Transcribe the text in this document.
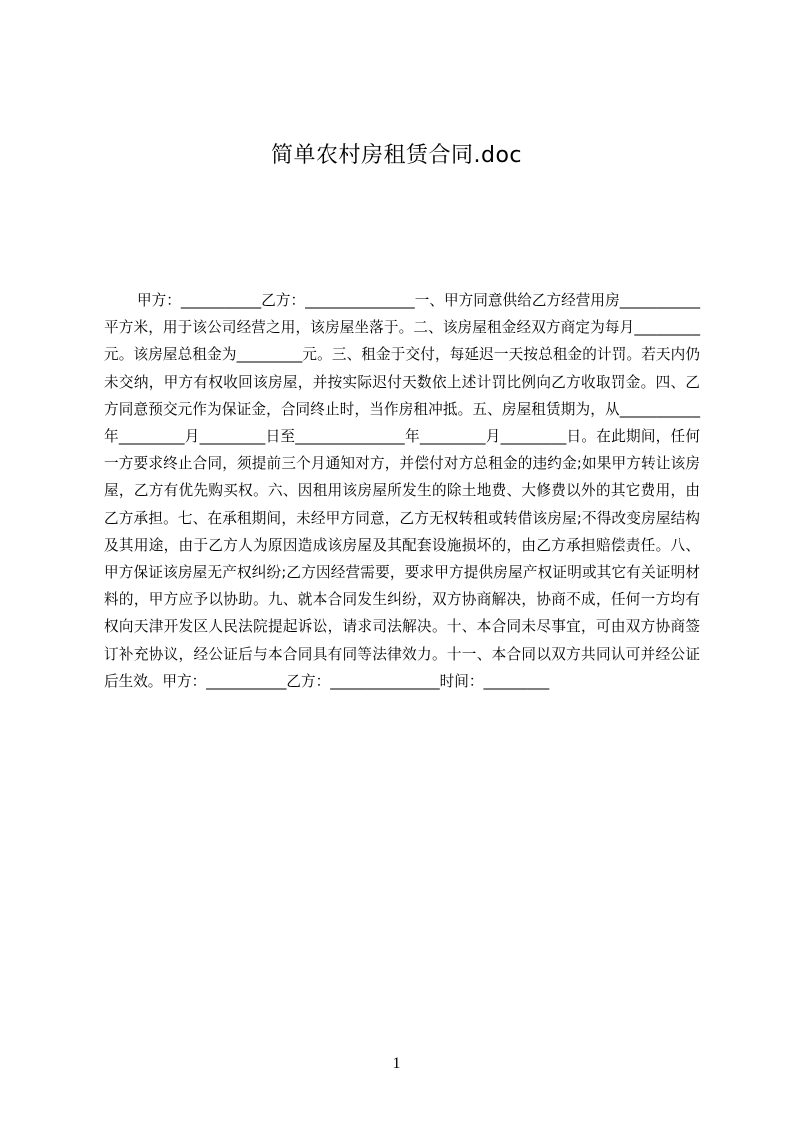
简单农村房租赁合同.doc

甲方：___________乙方：_______________一、甲方同意供给乙方经营用房___________平方米，用于该公司经营之用，该房屋坐落于。二、该房屋租金经双方商定为每月_________元。该房屋总租金为_________元。三、租金于交付，每延迟一天按总租金的计罚。若天内仍未交纳，甲方有权收回该房屋，并按实际迟付天数依上述计罚比例向乙方收取罚金。四、乙方同意预交元作为保证金，合同终止时，当作房租冲抵。五、房屋租赁期为，从___________年_________月_________日至_______________年_________月_________日。在此期间，任何一方要求终止合同，须提前三个月通知对方，并偿付对方总租金的违约金;如果甲方转让该房屋，乙方有优先购买权。六、因租用该房屋所发生的除土地费、大修费以外的其它费用，由乙方承担。七、在承租期间，未经甲方同意，乙方无权转租或转借该房屋;不得改变房屋结构及其用途，由于乙方人为原因造成该房屋及其配套设施损坏的，由乙方承担赔偿责任。八、甲方保证该房屋无产权纠纷;乙方因经营需要，要求甲方提供房屋产权证明或其它有关证明材料的，甲方应予以协助。九、就本合同发生纠纷，双方协商解决，协商不成，任何一方均有权向天津开发区人民法院提起诉讼，请求司法解决。十、本合同未尽事宜，可由双方协商签订补充协议，经公证后与本合同具有同等法律效力。十一、本合同以双方共同认可并经公证后生效。甲方：___________乙方：_______________时间：_________

1
